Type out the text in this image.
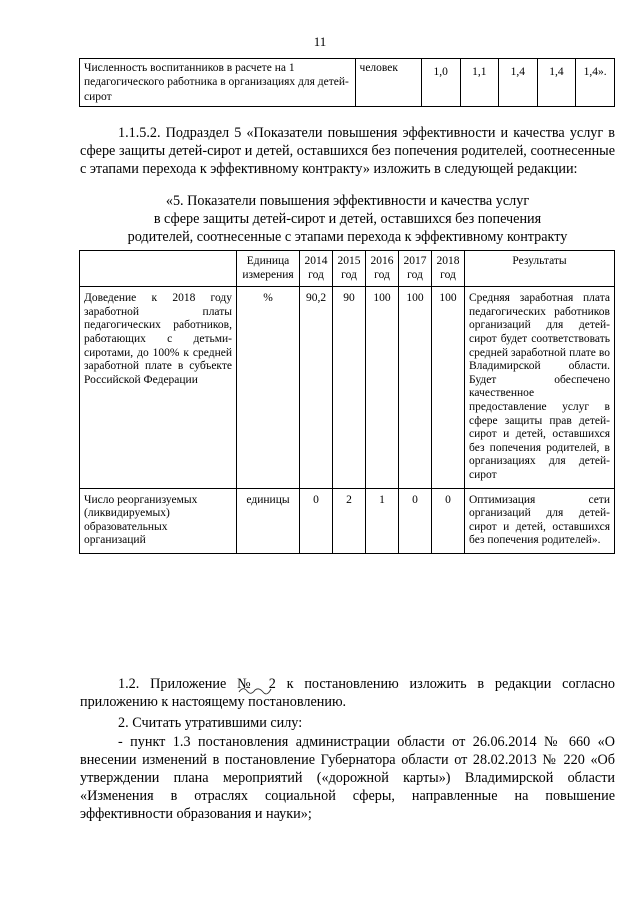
11
Численность воспитанников в расчете на 1 педагогического работника в организациях для детей-сирот	человек	1,0	1,1	1,4	1,4	1,4».
1.1.5.2. Подраздел 5 «Показатели повышения эффективности и качества услуг в сфере защиты детей-сирот и детей, оставшихся без попечения родителей, соотнесенные с этапами перехода к эффективному контракту» изложить в следующей редакции:
«5. Показатели повышения эффективности и качества услуг
в сфере защиты детей-сирот и детей, оставшихся без попечения
родителей, соотнесенные с этапами перехода к эффективному контракту
	Единица измерения	2014 год	2015 год	2016 год	2017 год	2018 год	Результаты
Доведение к 2018 году заработной платы педагогических работников, работающих с детьми-сиротами, до 100% к средней заработной плате в субъекте Российской Федерации	%	90,2	90	100	100	100	Средняя заработная плата педагогических работников организаций для детей-сирот будет соответствовать средней заработной плате во Владимирской области. Будет обеспечено качественное предоставление услуг в сфере защиты прав детей-сирот и детей, оставшихся без попечения родителей, в организациях для детей-сирот
Число реорганизуемых (ликвидируемых) образовательных организаций	единицы	0	2	1	0	0	Оптимизация сети организаций для детей-сирот и детей, оставшихся без попечения родителей».
1.2. Приложение № 2 к постановлению изложить в редакции согласно приложению к настоящему постановлению.
2. Считать утратившими силу:
- пункт 1.3 постановления администрации области от 26.06.2014 № 660 «О внесении изменений в постановление Губернатора области от 28.02.2013 № 220 «Об утверждении плана мероприятий («дорожной карты») Владимирской области «Изменения в отраслях социальной сферы, направленные на повышение эффективности образования и науки»;
